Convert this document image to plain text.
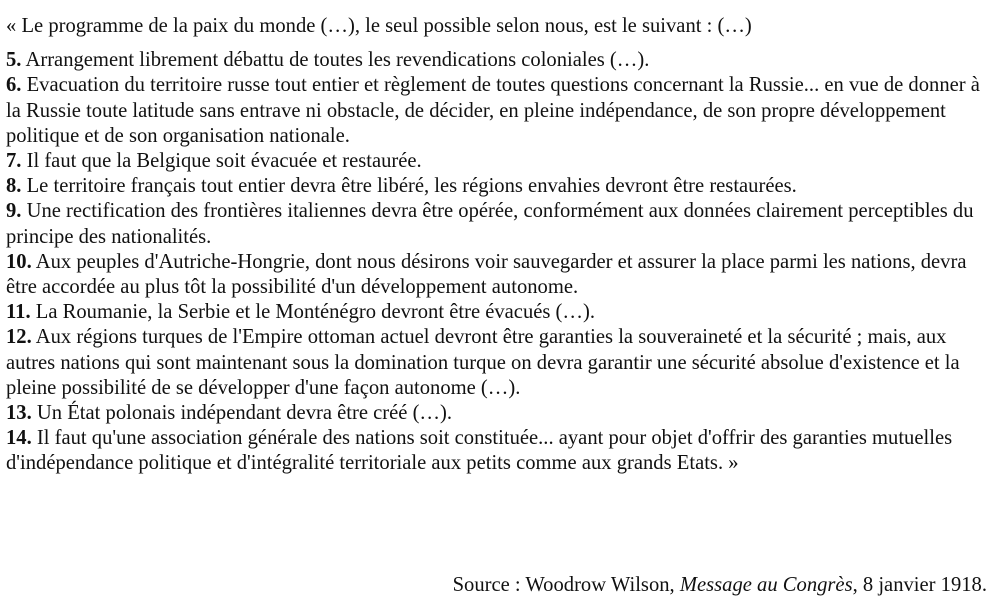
« Le programme de la paix du monde (…), le seul possible selon nous, est le suivant : (…)

5. Arrangement librement débattu de toutes les revendications coloniales (…).

6. Evacuation du territoire russe tout entier et règlement de toutes questions concernant la Russie... en vue de donner à la Russie toute latitude sans entrave ni obstacle, de décider, en pleine indépendance, de son propre développement politique et de son organisation nationale.

7. Il faut que la Belgique soit évacuée et restaurée.

8. Le territoire français tout entier devra être libéré, les régions envahies devront être restaurées.

9. Une rectification des frontières italiennes devra être opérée, conformément aux données clairement perceptibles du principe des nationalités.

10. Aux peuples d'Autriche-Hongrie, dont nous désirons voir sauvegarder et assurer la place parmi les nations, devra être accordée au plus tôt la possibilité d'un développement autonome.

11. La Roumanie, la Serbie et le Monténégro devront être évacués (…).

12. Aux régions turques de l'Empire ottoman actuel devront être garanties la souveraineté et la sécurité ; mais, aux autres nations qui sont maintenant sous la domination turque on devra garantir une sécurité absolue d'existence et la pleine possibilité de se développer d'une façon autonome (…).

13. Un État polonais indépendant devra être créé (…).

14. Il faut qu'une association générale des nations soit constituée... ayant pour objet d'offrir des garanties mutuelles d'indépendance politique et d'intégralité territoriale aux petits comme aux grands Etats. »

Source : Woodrow Wilson, Message au Congrès, 8 janvier 1918.
